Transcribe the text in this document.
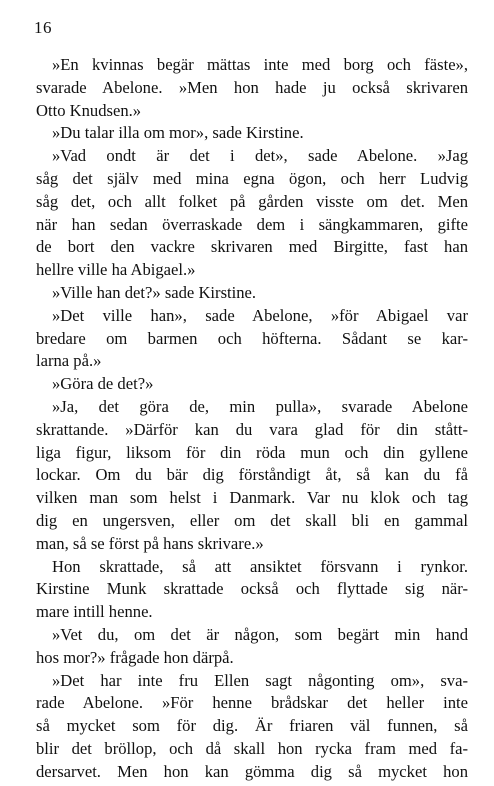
16
»En kvinnas begär mättas inte med borg och fäste»,
svarade Abelone. »Men hon hade ju också skrivaren
Otto Knudsen.»
»Du talar illa om mor», sade Kirstine.
»Vad ondt är det i det», sade Abelone. »Jag
såg det själv med mina egna ögon, och herr Ludvig
såg det, och allt folket på gården visste om det. Men
när han sedan överraskade dem i sängkammaren, gifte
de bort den vackre skrivaren med Birgitte, fast han
hellre ville ha Abigael.»
»Ville han det?» sade Kirstine.
»Det ville han», sade Abelone, »för Abigael var
bredare om barmen och höfterna. Sådant se kar-
larna på.»
»Göra de det?»
»Ja, det göra de, min pulla», svarade Abelone
skrattande. »Därför kan du vara glad för din stått-
liga figur, liksom för din röda mun och din gyllene
lockar. Om du bär dig förståndigt åt, så kan du få
vilken man som helst i Danmark. Var nu klok och tag
dig en ungersven, eller om det skall bli en gammal
man, så se först på hans skrivare.»
Hon skrattade, så att ansiktet försvann i rynkor.
Kirstine Munk skrattade också och flyttade sig när-
mare intill henne.
»Vet du, om det är någon, som begärt min hand
hos mor?» frågade hon därpå.
»Det har inte fru Ellen sagt någonting om», sva-
rade Abelone. »För henne brådskar det heller inte
så mycket som för dig. Är friaren väl funnen, så
blir det bröllop, och då skall hon rycka fram med fa-
dersarvet. Men hon kan gömma dig så mycket hon
